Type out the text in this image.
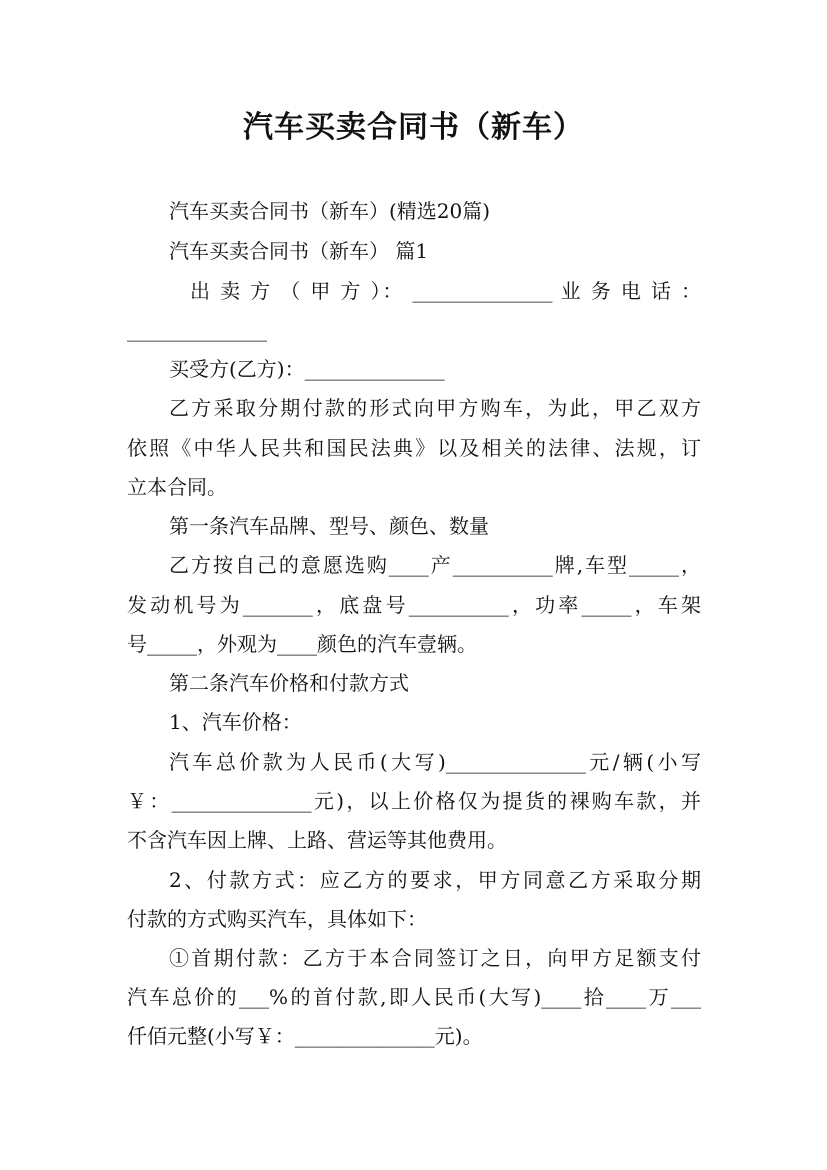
汽车买卖合同书（新车）
汽车买卖合同书（新车）(精选20篇)
汽车买卖合同书（新车） 篇1
出 卖 方 （ 甲 方 ）： ______________ 业 务 电 话 ：
______________
买受方(乙方)：______________
乙方采取分期付款的形式向甲方购车，为此，甲乙双方
依照《中华人民共和国民法典》以及相关的法律、法规，订
立本合同。
第一条汽车品牌、型号、颜色、数量
乙方按自己的意愿选购____产__________牌,车型_____，
发动机号为_______，底盘号__________，功率_____，车架
号_____，外观为____颜色的汽车壹辆。
第二条汽车价格和付款方式
1、汽车价格：
汽车总价款为人民币(大写)______________元/辆(小写
￥：______________元)，以上价格仅为提货的裸购车款，并
不含汽车因上牌、上路、营运等其他费用。
2、付款方式：应乙方的要求，甲方同意乙方采取分期
付款的方式购买汽车，具体如下：
①首期付款：乙方于本合同签订之日，向甲方足额支付
汽车总价的___%的首付款,即人民币(大写)____拾____万___
仟佰元整(小写￥：______________元)。
